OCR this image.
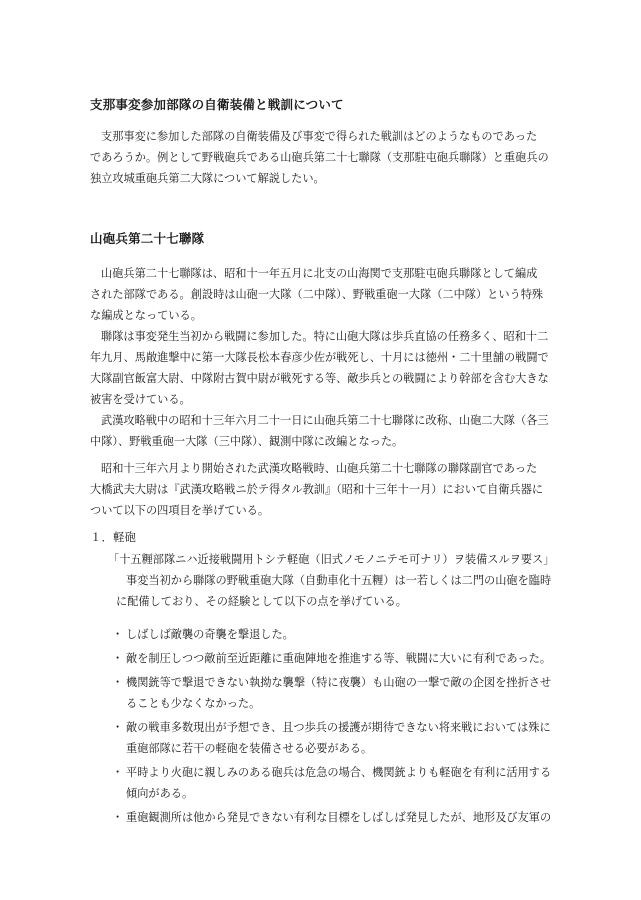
支那事変参加部隊の自衛装備と戦訓について
支那事変に参加した部隊の自衛装備及び事変で得られた戦訓はどのようなものであった
であろうか。例として野戦砲兵である山砲兵第二十七聯隊（支那駐屯砲兵聯隊）と重砲兵の
独立攻城重砲兵第二大隊について解説したい。
山砲兵第二十七聯隊
山砲兵第二十七聯隊は、昭和十一年五月に北支の山海関で支那駐屯砲兵聯隊として編成
された部隊である。創設時は山砲一大隊（二中隊）、野戦重砲一大隊（二中隊）という特殊
な編成となっている。
聯隊は事変発生当初から戦闘に参加した。特に山砲大隊は歩兵直協の任務多く、昭和十二
年九月、馬敞進撃中に第一大隊長松本春彦少佐が戦死し、十月には徳州・二十里舗の戦闘で
大隊副官飯富大尉、中隊附古賀中尉が戦死する等、敵歩兵との戦闘により幹部を含む大きな
被害を受けている。
武漢攻略戦中の昭和十三年六月二十一日に山砲兵第二十七聯隊に改称、山砲二大隊（各三
中隊）、野戦重砲一大隊（三中隊）、観測中隊に改編となった。
昭和十三年六月より開始された武漢攻略戦時、山砲兵第二十七聯隊の聯隊副官であった
大橋武夫大尉は『武漢攻略戦ニ於テ得タル教訓』（昭和十三年十一月）において自衛兵器に
ついて以下の四項目を挙げている。
１．軽砲
「十五糎部隊ニハ近接戦闘用トシテ軽砲（旧式ノモノニテモ可ナリ）ヲ装備スルヲ要ス」
事変当初から聯隊の野戦重砲大隊（自動車化十五糎）は一若しくは二門の山砲を臨時
に配備しており、その経験として以下の点を挙げている。
・ しばしば敵襲の奇襲を撃退した。
・ 敵を制圧しつつ敵前至近距離に重砲陣地を推進する等、戦闘に大いに有利であった。
・ 機関銃等で撃退できない執拗な襲撃（特に夜襲）も山砲の一撃で敵の企図を挫折させ
ることも少なくなかった。
・ 敵の戦車多数現出が予想でき、且つ歩兵の援護が期待できない将来戦においては殊に
重砲部隊に若干の軽砲を装備させる必要がある。
・ 平時より火砲に親しみのある砲兵は危急の場合、機関銃よりも軽砲を有利に活用する
傾向がある。
・ 重砲観測所は他から発見できない有利な目標をしばしば発見したが、地形及び友軍の
